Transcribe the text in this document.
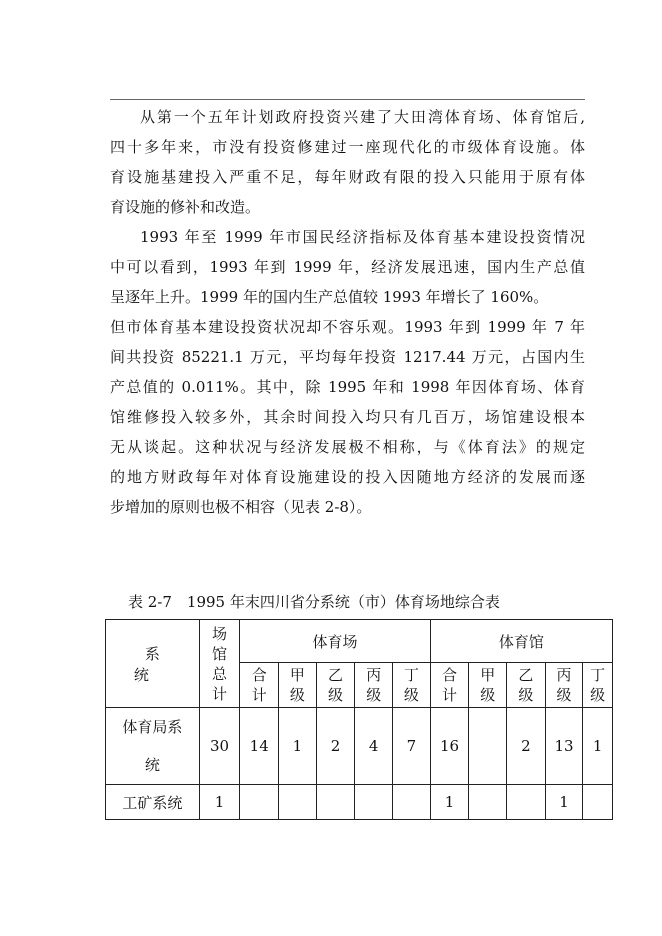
从第一个五年计划政府投资兴建了大田湾体育场、体育馆后,
四十多年来，市没有投资修建过一座现代化的市级体育设施。体
育设施基建投入严重不足，每年财政有限的投入只能用于原有体
育设施的修补和改造。
1993 年至 1999 年市国民经济指标及体育基本建设投资情况
中可以看到，1993 年到 1999 年，经济发展迅速，国内生产总值
呈逐年上升。1999 年的国内生产总值较 1993 年增长了 160%。
但市体育基本建设投资状况却不容乐观。1993 年到 1999 年 7 年
间共投资 85221.1 万元，平均每年投资 1217.44 万元，占国内生
产总值的 0.011%。其中，除 1995 年和 1998 年因体育场、体育
馆维修投入较多外，其余时间投入均只有几百万，场馆建设根本
无从谈起。这种状况与经济发展极不相称，与《体育法》的规定
的地方财政每年对体育设施建设的投入因随地方经济的发展而逐
步增加的原则也极不相容（见表 2-8）。
表 2-7　1995 年末四川省分系统（市）体育场地综合表
系统	场馆总计	体育场					体育馆				
		合计	甲级	乙级	丙级	丁级	合计	甲级	乙级	丙级	丁级
体育局系统	30	14	1	2	4	7	16		2	13	1
工矿系统	1						1			1	
